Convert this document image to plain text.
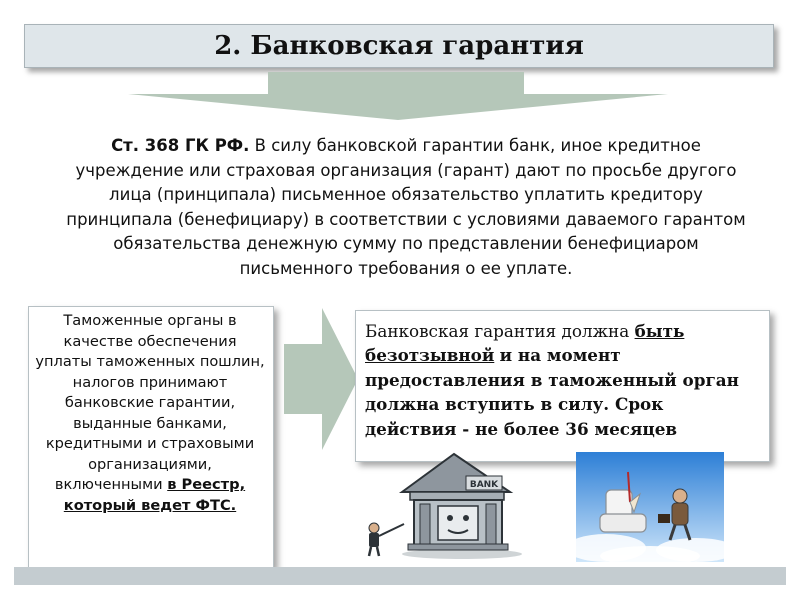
2. Банковская гарантия
Ст. 368 ГК РФ. В силу банковской гарантии банк, иное кредитное учреждение или страховая организация (гарант) дают по просьбе другого лица (принципала) письменное обязательство уплатить кредитору принципала (бенефициару) в соответствии с условиями даваемого гарантом обязательства денежную сумму по представлении бенефициаром письменного требования о ее уплате.
Таможенные органы в качестве обеспечения уплаты таможенных пошлин, налогов принимают банковские гарантии, выданные банками, кредитными и страховыми организациями, включенными в Реестр, который ведет ФТС.
Банковская гарантия должна быть безотзывной и на момент предоставления в таможенный орган должна вступить в силу. Срок действия - не более 36 месяцев
BANK
